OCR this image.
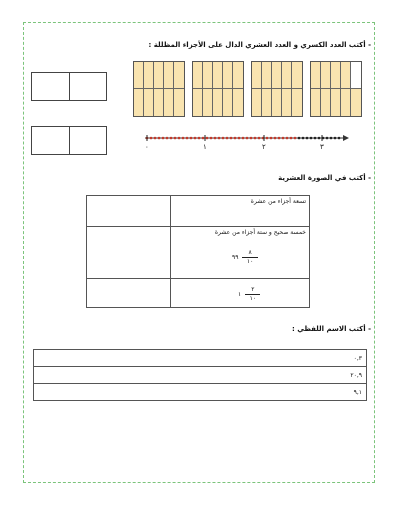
- أكتب العدد الكسري و العدد العشري الدال على الأجزاء المظللة :
٠	١	٢	٣
- أكتب في الصورة العشرية
تسعة أجزاء من عشرة	

خمسة صحيح و ستة أجزاء من عشرة
٩٩ $\frac{٨}{١٠}$

١ $\frac{٢}{١٠}$

- أكتب الاسم اللفظي :
٠,٣
٢٠,٩
٩,١
